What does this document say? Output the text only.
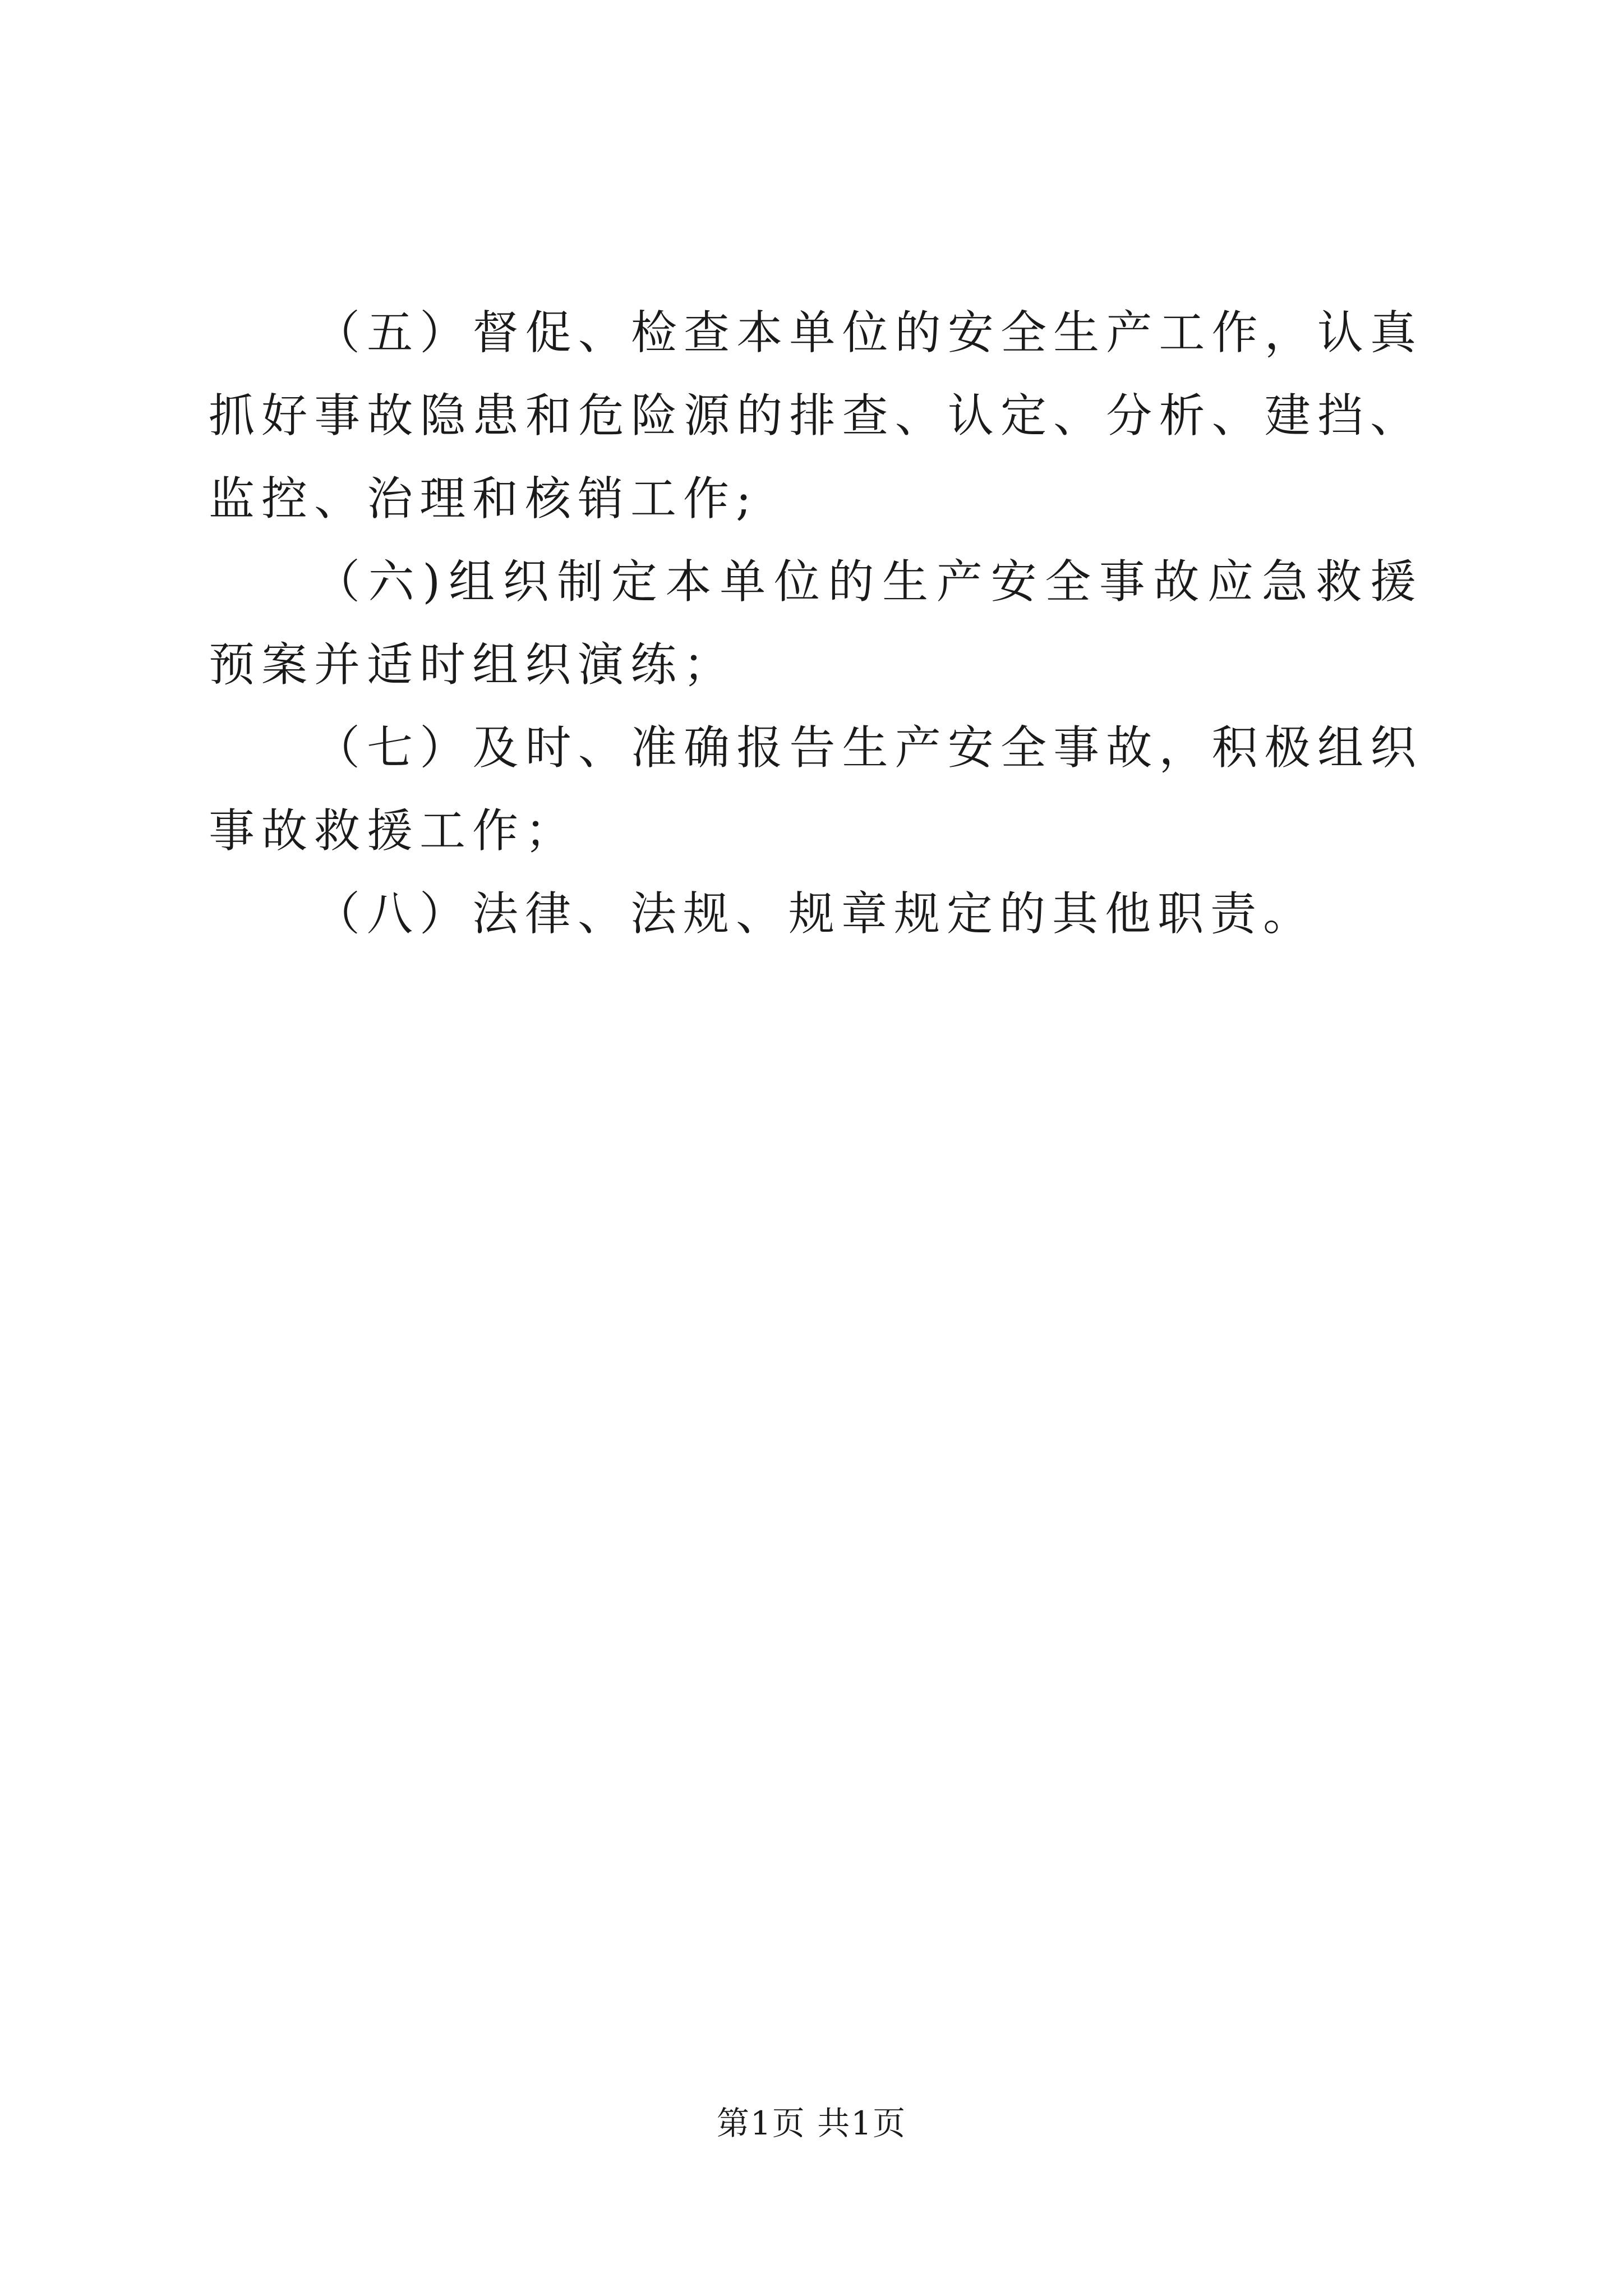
（五）督促、检查本单位的安全生产工作，认真抓好事故隐患和危险源的排查、认定、分析、建挡、监控、治理和核销工作;

（六)组织制定本单位的生产安全事故应急救援预案并适时组织演练；

（七）及时、准确报告生产安全事故，积极组织事故救援工作；

（八）法律、法规、规章规定的其他职责。

第1页 共1页
